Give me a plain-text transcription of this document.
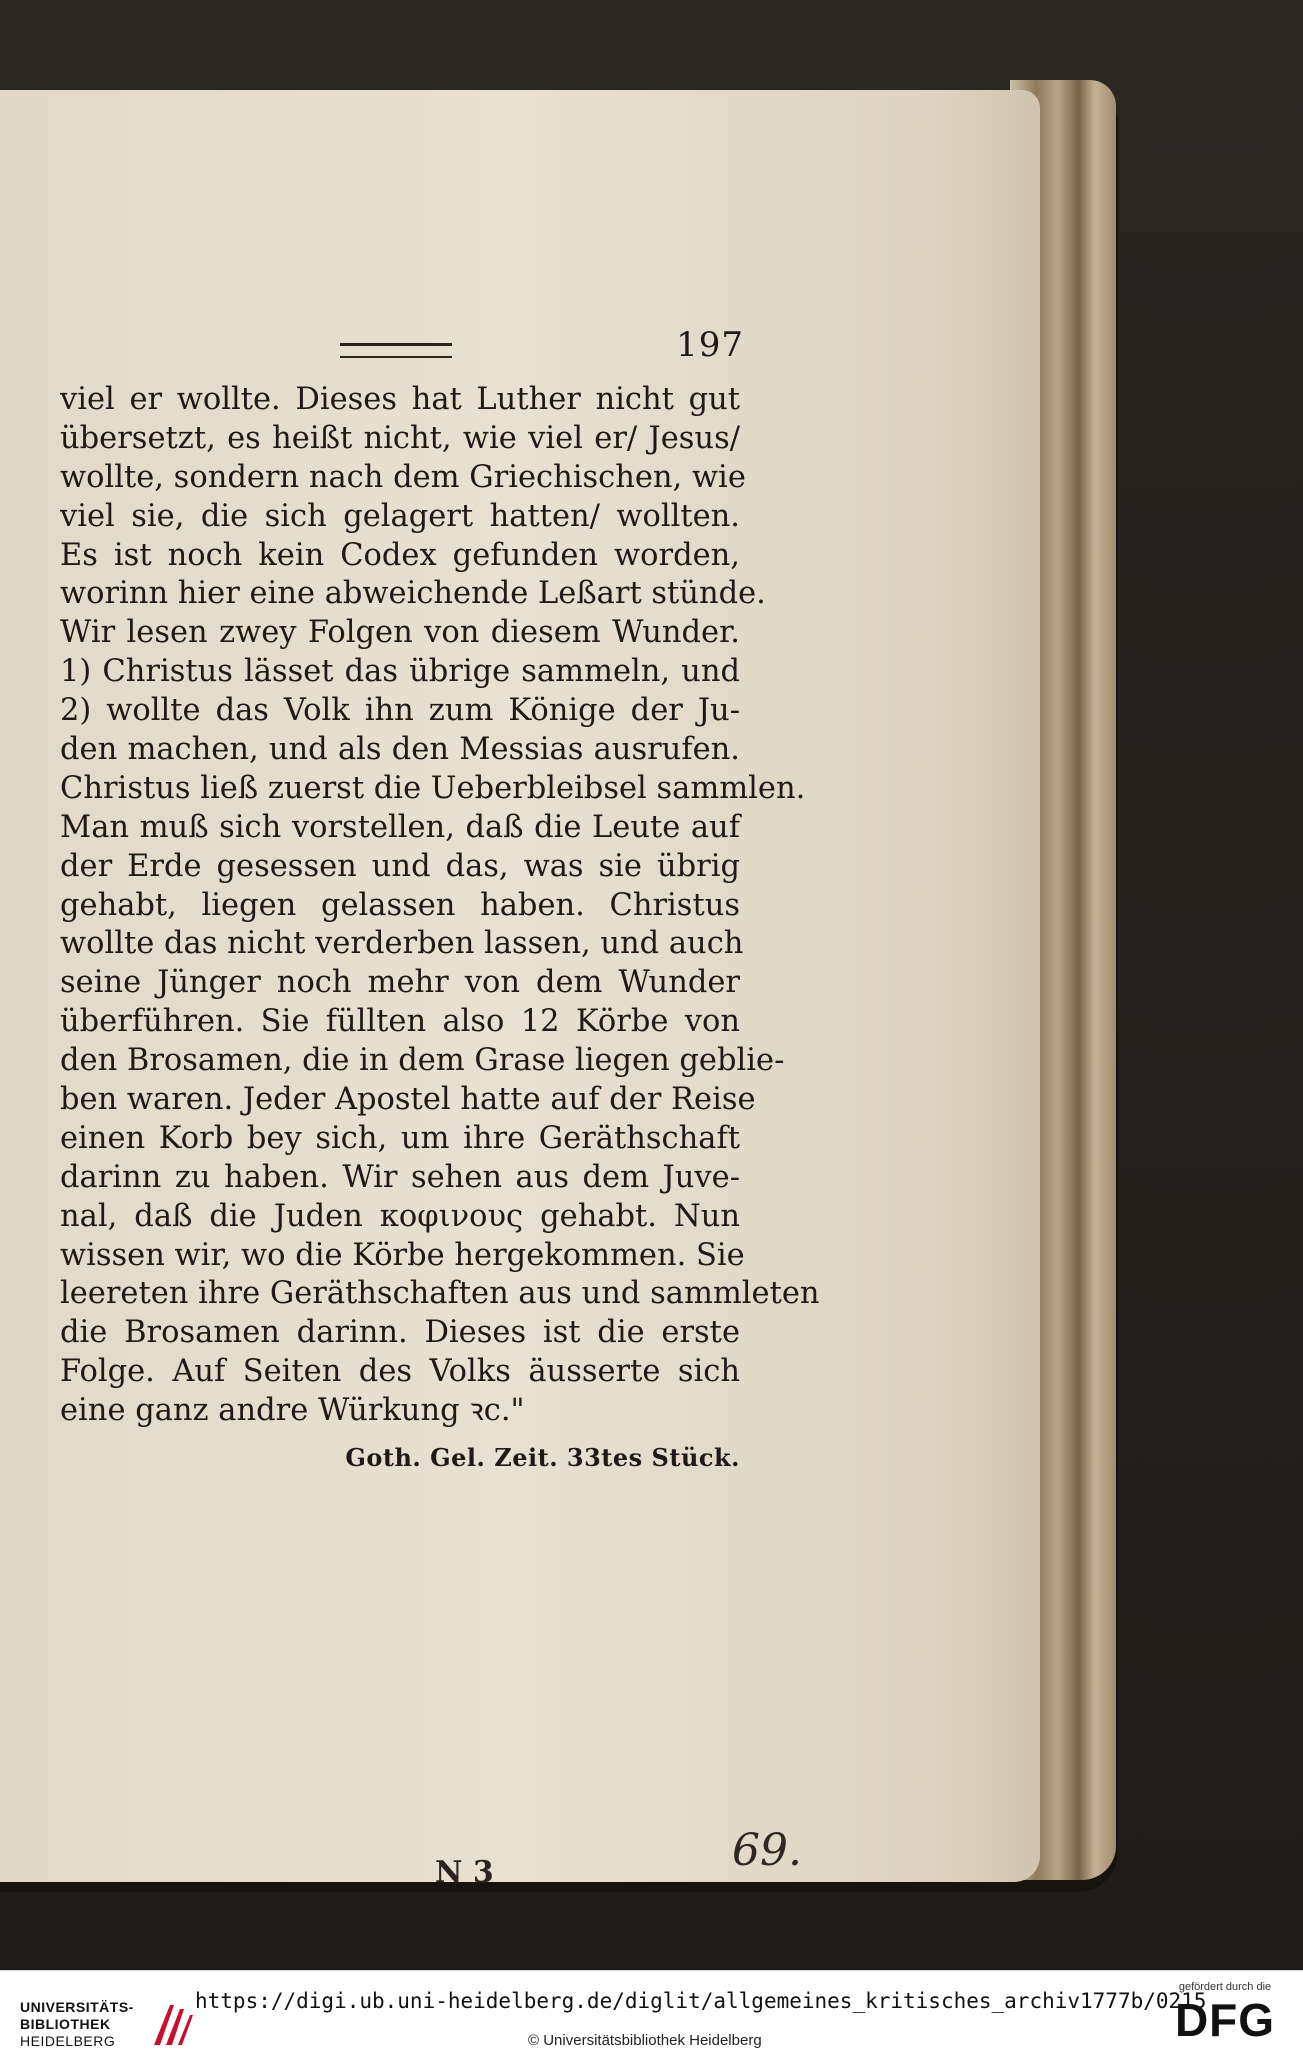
197
viel er wollte. Dieses hat Luther nicht gut
übersetzt, es heißt nicht, wie viel er/ Jesus/
wollte, sondern nach dem Griechischen, wie
viel sie, die sich gelagert hatten/ wollten.
Es ist noch kein Codex gefunden worden,
worinn hier eine abweichende Leßart stünde.
Wir lesen zwey Folgen von diesem Wunder.
1) Christus lässet das übrige sammeln, und
2) wollte das Volk ihn zum Könige der Ju-
den machen, und als den Messias ausrufen.
Christus ließ zuerst die Ueberbleibsel sammlen.
Man muß sich vorstellen, daß die Leute auf
der Erde gesessen und das, was sie übrig
gehabt, liegen gelassen haben. Christus
wollte das nicht verderben lassen, und auch
seine Jünger noch mehr von dem Wunder
überführen. Sie füllten also 12 Körbe von
den Brosamen, die in dem Grase liegen geblie-
ben waren. Jeder Apostel hatte auf der Reise
einen Korb bey sich, um ihre Geräthschaft
darinn zu haben. Wir sehen aus dem Juve-
nal, daß die Juden κοφινους gehabt. Nun
wissen wir, wo die Körbe hergekommen. Sie
leereten ihre Geräthschaften aus und sammleten
die Brosamen darinn. Dieses ist die erste
Folge. Auf Seiten des Volks äusserte sich
eine ganz andre Würkung ꝛc."
Goth. Gel. Zeit. 33tes Stück.
N 3	69.
UNIVERSITÄTS-
BIBLIOTHEK
HEIDELBERG
https://digi.ub.uni-heidelberg.de/diglit/allgemeines_kritisches_archiv1777b/0215
© Universitätsbibliothek Heidelberg
gefördert durch die
DFG
